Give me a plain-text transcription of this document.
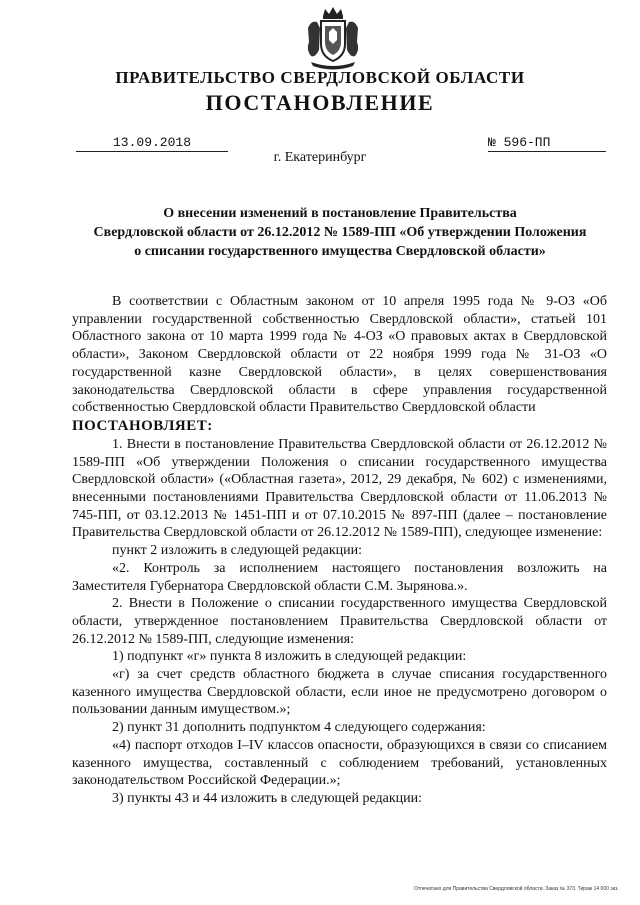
ПРАВИТЕЛЬСТВО СВЕРДЛОВСКОЙ ОБЛАСТИ
ПОСТАНОВЛЕНИЕ
13.09.2018	№ 596-ПП
г. Екатеринбург
О внесении изменений в постановление Правительства
Свердловской области от 26.12.2012 № 1589-ПП «Об утверждении Положения
о списании государственного имущества Свердловской области»

В соответствии с Областным законом от 10 апреля 1995 года № 9-ОЗ «Об управлении государственной собственностью Свердловской области», статьей 101 Областного закона от 10 марта 1999 года № 4-ОЗ «О правовых актах в Свердловской области», Законом Свердловской области от 22 ноября 1999 года № 31-ОЗ «О государственной казне Свердловской области», в целях совершенствования законодательства Свердловской области в сфере управления государственной собственностью Свердловской области Правительство Свердловской области

ПОСТАНОВЛЯЕТ:

1. Внести в постановление Правительства Свердловской области от 26.12.2012 № 1589-ПП «Об утверждении Положения о списании государственного имущества Свердловской области» («Областная газета», 2012, 29 декабря, № 602) с изменениями, внесенными постановлениями Правительства Свердловской области от 11.06.2013 № 745-ПП, от 03.12.2013 № 1451-ПП и от 07.10.2015 № 897-ПП (далее – постановление Правительства Свердловской области от 26.12.2012 № 1589-ПП), следующее изменение:

пункт 2 изложить в следующей редакции:

«2. Контроль за исполнением настоящего постановления возложить на Заместителя Губернатора Свердловской области С.М. Зырянова.».

2. Внести в Положение о списании государственного имущества Свердловской области, утвержденное постановлением Правительства Свердловской области от 26.12.2012 № 1589-ПП, следующие изменения:

1) подпункт «г» пункта 8 изложить в следующей редакции:

«г) за счет средств областного бюджета в случае списания государственного казенного имущества Свердловской области, если иное не предусмотрено договором о пользовании данным имуществом.»;

2) пункт 31 дополнить подпунктом 4 следующего содержания:

«4) паспорт отходов I–IV классов опасности, образующихся в связи со списанием казенного имущества, составленный с соблюдением требований, установленных законодательством Российской Федерации.»;

3) пункты 43 и 44 изложить в следующей редакции:

Отпечатано для Правительства Свердловской области. Заказ № 373. Тираж 14 000 экз.
